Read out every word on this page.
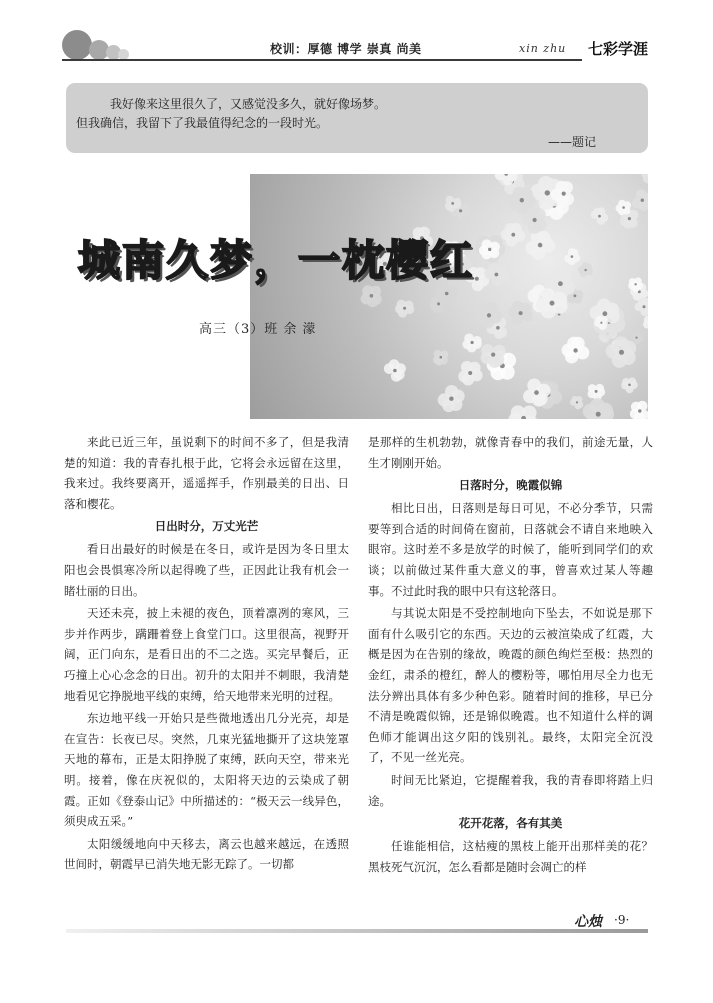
校训：厚德 博学 崇真 尚美	xin zhu 七彩学涯

我好像来这里很久了，又感觉没多久，就好像场梦。

但我确信，我留下了我最值得纪念的一段时光。

——题记

城南久梦，一枕樱红
高三（3）班 余 濛

来此已近三年，虽说剩下的时间不多了，但是我清楚的知道：我的青春扎根于此，它将会永远留在这里，我来过。我终要离开，遥遥挥手，作别最美的日出、日落和樱花。

日出时分，万丈光芒

看日出最好的时候是在冬日，或许是因为冬日里太阳也会畏惧寒冷所以起得晚了些，正因此让我有机会一睹壮丽的日出。

天还未亮，披上未褪的夜色，顶着凛冽的寒风，三步并作两步，蹒跚着登上食堂门口。这里很高，视野开阔，正门向东，是看日出的不二之选。买完早餐后，正巧撞上心心念念的日出。初升的太阳并不刺眼，我清楚地看见它挣脱地平线的束缚，给天地带来光明的过程。

东边地平线一开始只是些微地透出几分光亮，却是在宣告：长夜已尽。突然，几束光猛地撕开了这块笼罩天地的幕布，正是太阳挣脱了束缚，跃向天空，带来光明。接着，像在庆祝似的，太阳将天边的云染成了朝霞。正如《登泰山记》中所描述的：“极天云一线异色，须臾成五采。”

太阳缓缓地向中天移去，离云也越来越远，在透照世间时，朝霞早已消失地无影无踪了。一切都

是那样的生机勃勃，就像青春中的我们，前途无量，人生才刚刚开始。

日落时分，晚霞似锦

相比日出，日落则是每日可见，不必分季节，只需要等到合适的时间倚在窗前，日落就会不请自来地映入眼帘。这时差不多是放学的时候了，能听到同学们的欢谈；以前做过某件重大意义的事，曾喜欢过某人等趣事。不过此时我的眼中只有这轮落日。

与其说太阳是不受控制地向下坠去，不如说是那下面有什么吸引它的东西。天边的云被渲染成了红霞，大概是因为在告别的缘故，晚霞的颜色绚烂至极：热烈的金红，肃杀的橙红，醉人的樱粉等，哪怕用尽全力也无法分辨出具体有多少种色彩。随着时间的推移，早已分不清是晚霞似锦，还是锦似晚霞。也不知道什么样的调色师才能调出这夕阳的饯别礼。最终，太阳完全沉没了，不见一丝光亮。

时间无比紧迫，它提醒着我，我的青春即将踏上归途。

花开花落，各有其美

任谁能相信，这枯瘦的黑枝上能开出那样美的花？黑枝死气沉沉，怎么看都是随时会凋亡的样

心烛 ·9·
